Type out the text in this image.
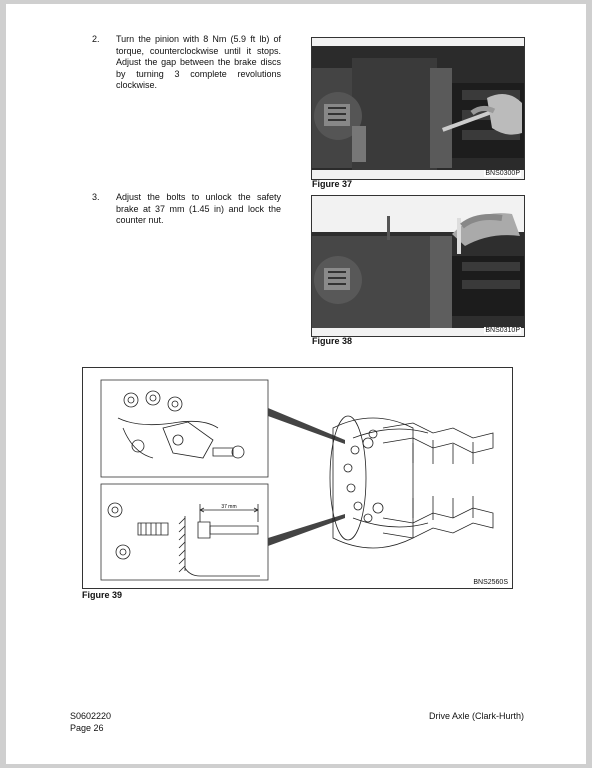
2.	Turn the pinion with 8 Nm (5.9 ft lb) of torque, counterclockwise until it stops. Adjust the gap between the brake discs by turning 3 complete revolutions clockwise.
3.	Adjust the bolts to unlock the safety brake at 37 mm (1.45 in) and lock the counter nut.
BNS0300P
Figure 37
BNS0310P
Figure 38
37 mm
BNS2560S
Figure 39
S0602220
Page 26
Drive Axle (Clark-Hurth)
